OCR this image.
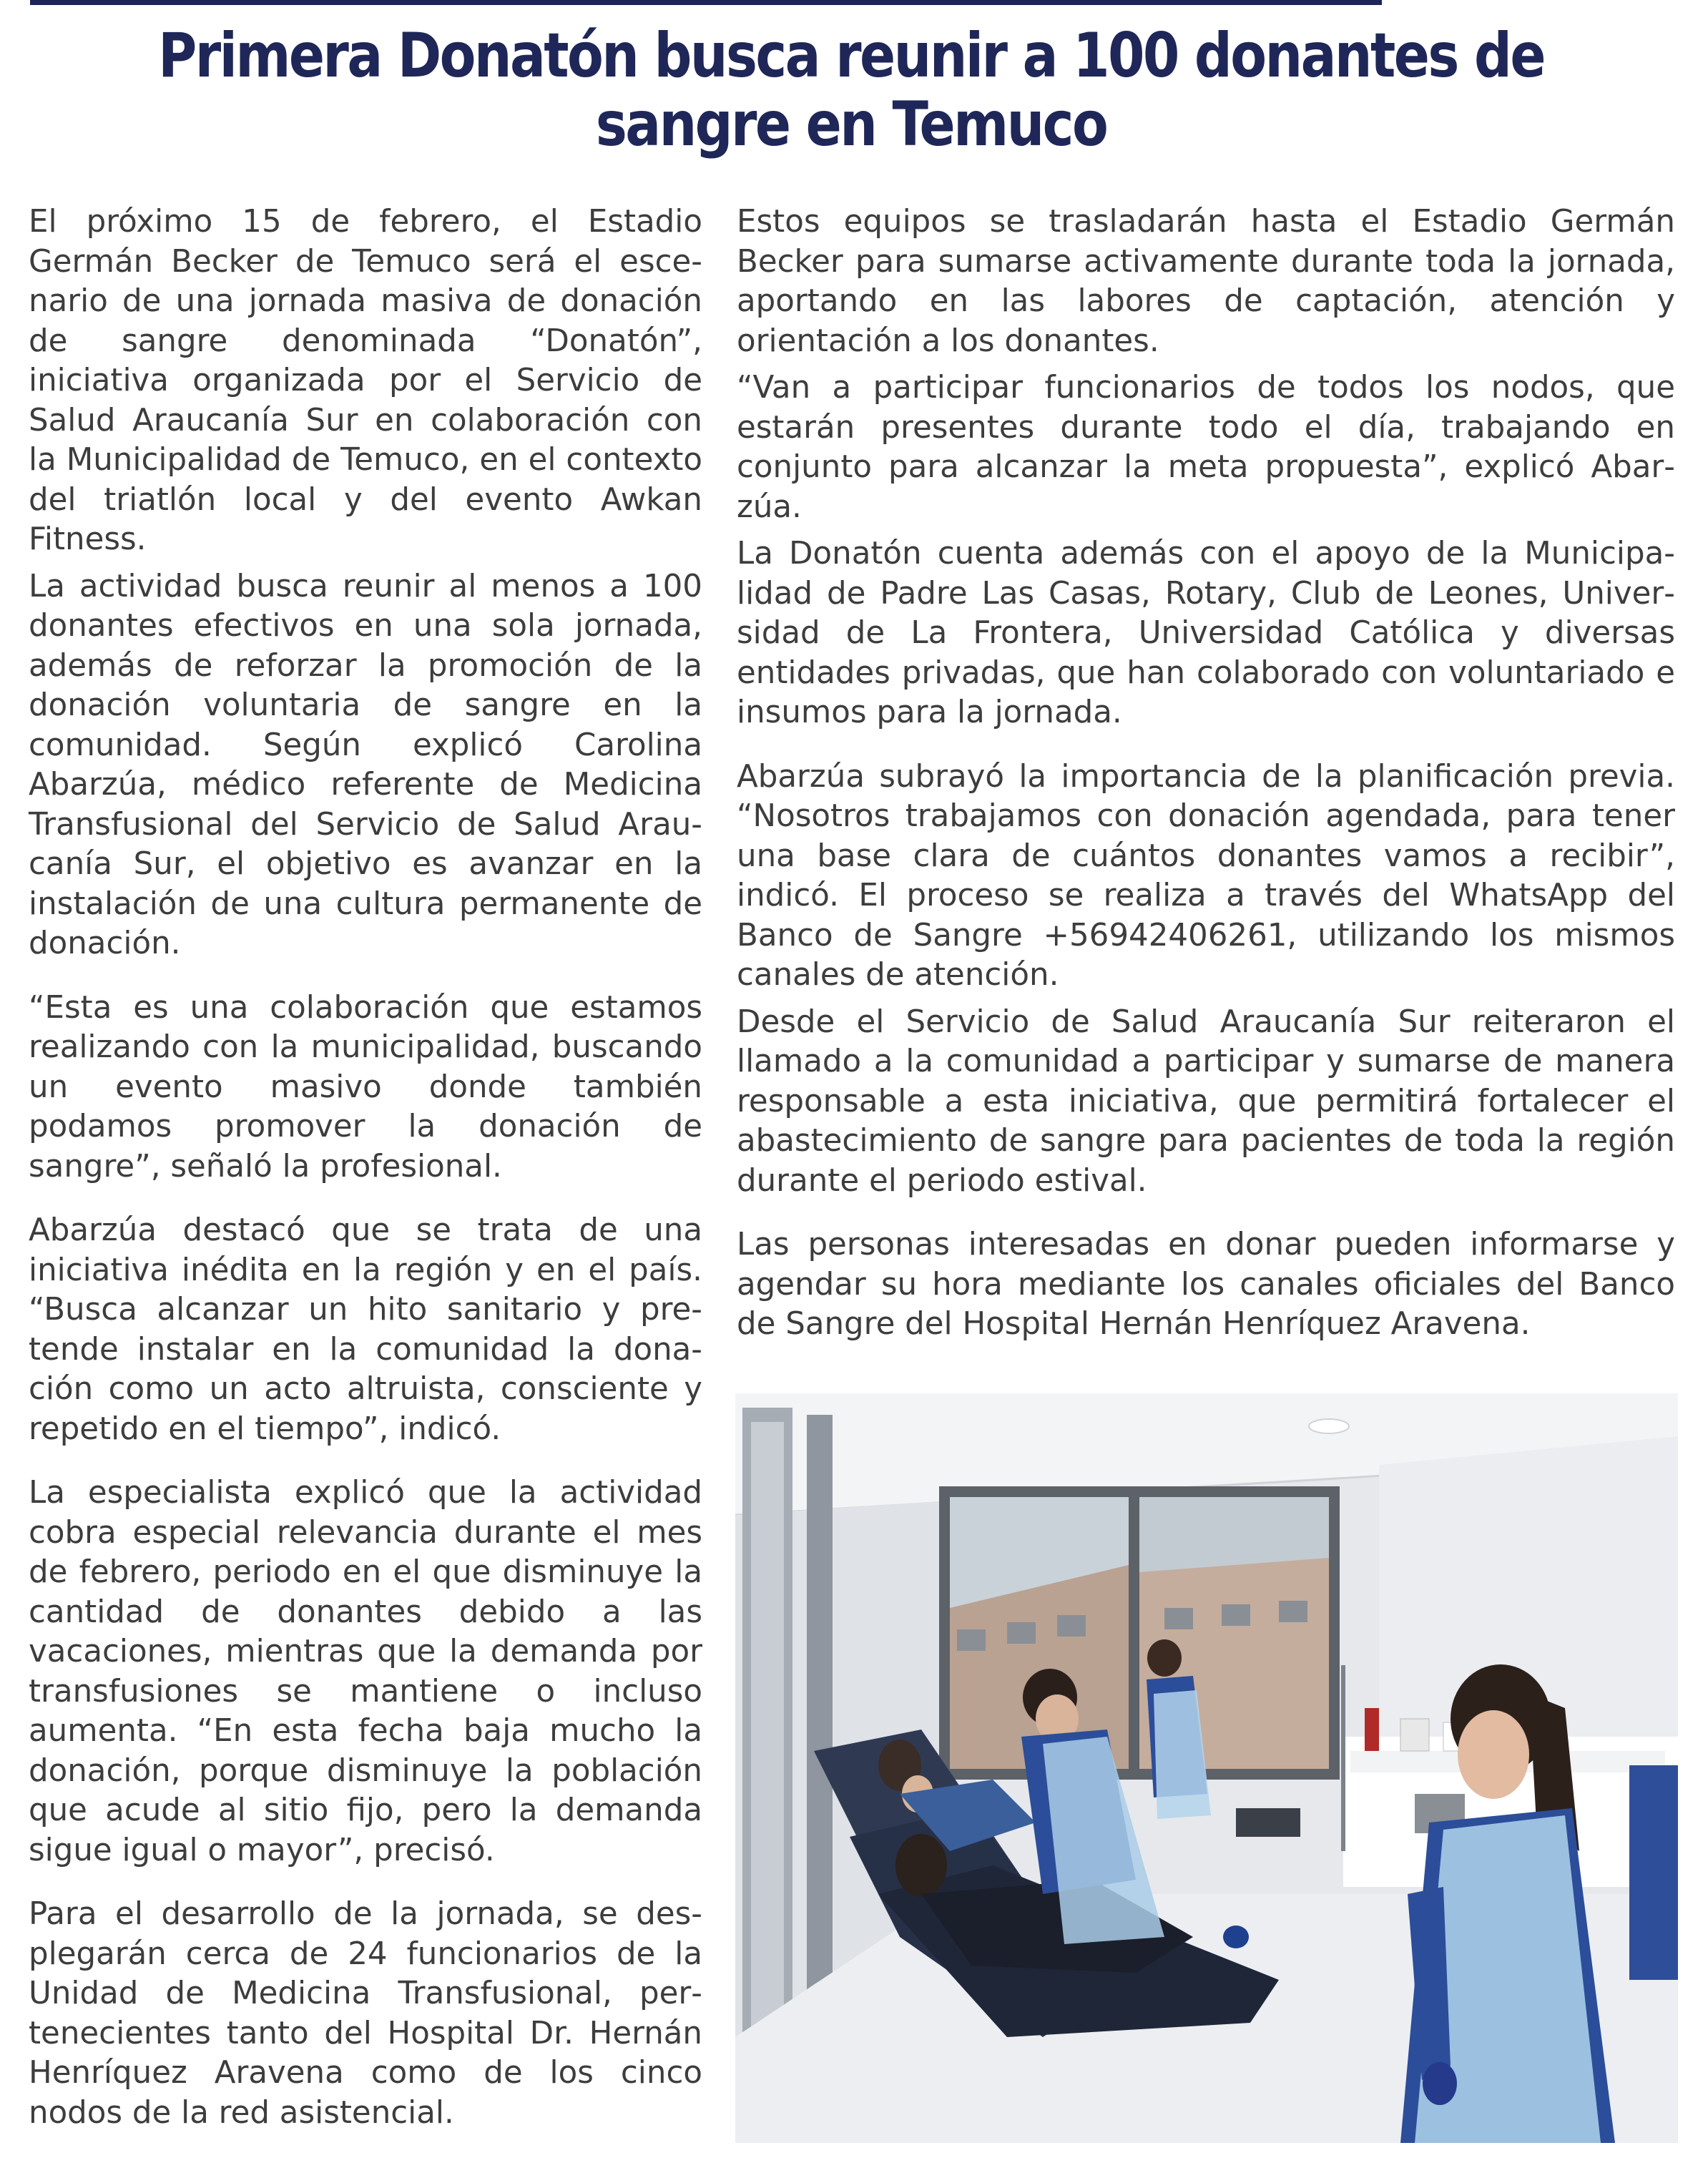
Primera Donatón busca reunir a 100 donantes de sangre en Temuco

El próximo 15 de febrero, el Estadio Germán Becker de Temuco será el escenario de una jornada masiva de donación de sangre denominada “Donatón”, iniciativa organizada por el Servicio de Salud Araucanía Sur en colaboración con la Municipalidad de Temuco, en el contexto del triatlón local y del evento Awkan Fitness.

La actividad busca reunir al menos a 100 donantes efectivos en una sola jornada, además de reforzar la promoción de la donación voluntaria de sangre en la comunidad. Según explicó Carolina Abarzúa, médico referente de Medicina Transfusional del Servicio de Salud Araucanía Sur, el objetivo es avanzar en la instalación de una cultura permanente de donación.

“Esta es una colaboración que estamos realizando con la municipalidad, buscando un evento masivo donde también podamos promover la donación de sangre”, señaló la profesional.

Abarzúa destacó que se trata de una iniciativa inédita en la región y en el país. “Busca alcanzar un hito sanitario y pretende instalar en la comunidad la donación como un acto altruista, consciente y repetido en el tiempo”, indicó.

La especialista explicó que la actividad cobra especial relevancia durante el mes de febrero, periodo en el que disminuye la cantidad de donantes debido a las vacaciones, mientras que la demanda por transfusiones se mantiene o incluso aumenta. “En esta fecha baja mucho la donación, porque disminuye la población que acude al sitio fijo, pero la demanda sigue igual o mayor”, precisó.

Para el desarrollo de la jornada, se desplegarán cerca de 24 funcionarios de la Unidad de Medicina Transfusional, pertenecientes tanto del Hospital Dr. Hernán Henríquez Aravena como de los cinco nodos de la red asistencial.

Estos equipos se trasladarán hasta el Estadio Germán Becker para sumarse activamente durante toda la jornada, aportando en las labores de captación, atención y orientación a los donantes.

“Van a participar funcionarios de todos los nodos, que estarán presentes durante todo el día, trabajando en conjunto para alcanzar la meta propuesta”, explicó Abarzúa.

La Donatón cuenta además con el apoyo de la Municipalidad de Padre Las Casas, Rotary, Club de Leones, Universidad de La Frontera, Universidad Católica y diversas entidades privadas, que han colaborado con voluntariado e insumos para la jornada.

Abarzúa subrayó la importancia de la planificación previa. “Nosotros trabajamos con donación agendada, para tener una base clara de cuántos donantes vamos a recibir”, indicó. El proceso se realiza a través del WhatsApp del Banco de Sangre +56942406261, utilizando los mismos canales de atención.

Desde el Servicio de Salud Araucanía Sur reiteraron el llamado a la comunidad a participar y sumarse de manera responsable a esta iniciativa, que permitirá fortalecer el abastecimiento de sangre para pacientes de toda la región durante el periodo estival.

Las personas interesadas en donar pueden informarse y agendar su hora mediante los canales oficiales del Banco de Sangre del Hospital Hernán Henríquez Aravena.
